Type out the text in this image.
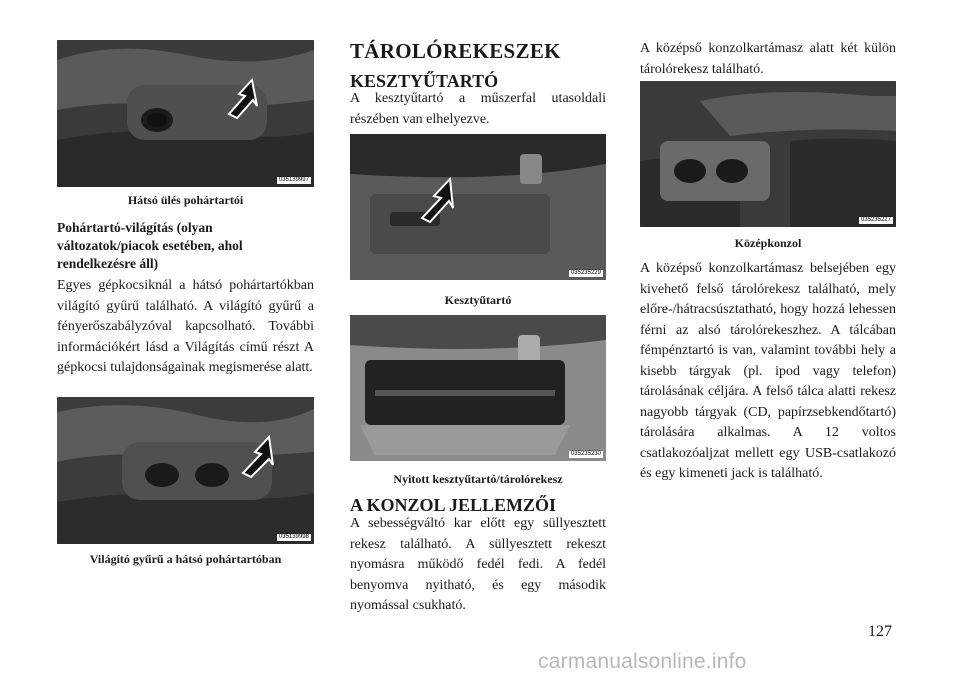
035139997
Hátsó ülés pohártartói
Pohártartó-világítás (olyan változatok/piacok esetében, ahol rendelkezésre áll)

Egyes gépkocsiknál a hátsó pohártartókban világító gyűrű található. A világító gyűrű a fényerőszabályzóval kapcsolható. További információkért lásd a Világítás című részt A gépkocsi tulajdonságainak megismerése alatt.

035139998
Világító gyűrű a hátsó pohártartóban
TÁROLÓREKESZEK
KESZTYŰTARTÓ

A kesztyűtartó a műszerfal utasoldali részében van elhelyezve.

035235229
Kesztyűtartó
035235230
Nyitott kesztyűtartó/tárolórekesz
A KONZOL JELLEMZŐI

A sebességváltó kar előtt egy süllyesztett rekesz található. A süllyesztett rekeszt nyomásra működő fedél fedi. A fedél benyomva nyitható, és egy második nyomással csukható.

A középső konzolkartámasz alatt két külön tárolórekesz található.

035235227
Középkonzol

A középső konzolkartámasz belsejében egy kivehető felső tárolórekesz található, mely előre-/hátracsúsztatható, hogy hozzá lehessen férni az alsó tárolórekeszhez. A tálcában fémpénztartó is van, valamint további hely a kisebb tárgyak (pl. ipod vagy telefon) tárolásának céljára. A felső tálca alatti rekesz nagyobb tárgyak (CD, papírzsebkendőtartó) tárolására alkalmas. A 12 voltos csatlakozóaljzat mellett egy USB-csatlakozó és egy kimeneti jack is található.

127
carmanualsonline.info
